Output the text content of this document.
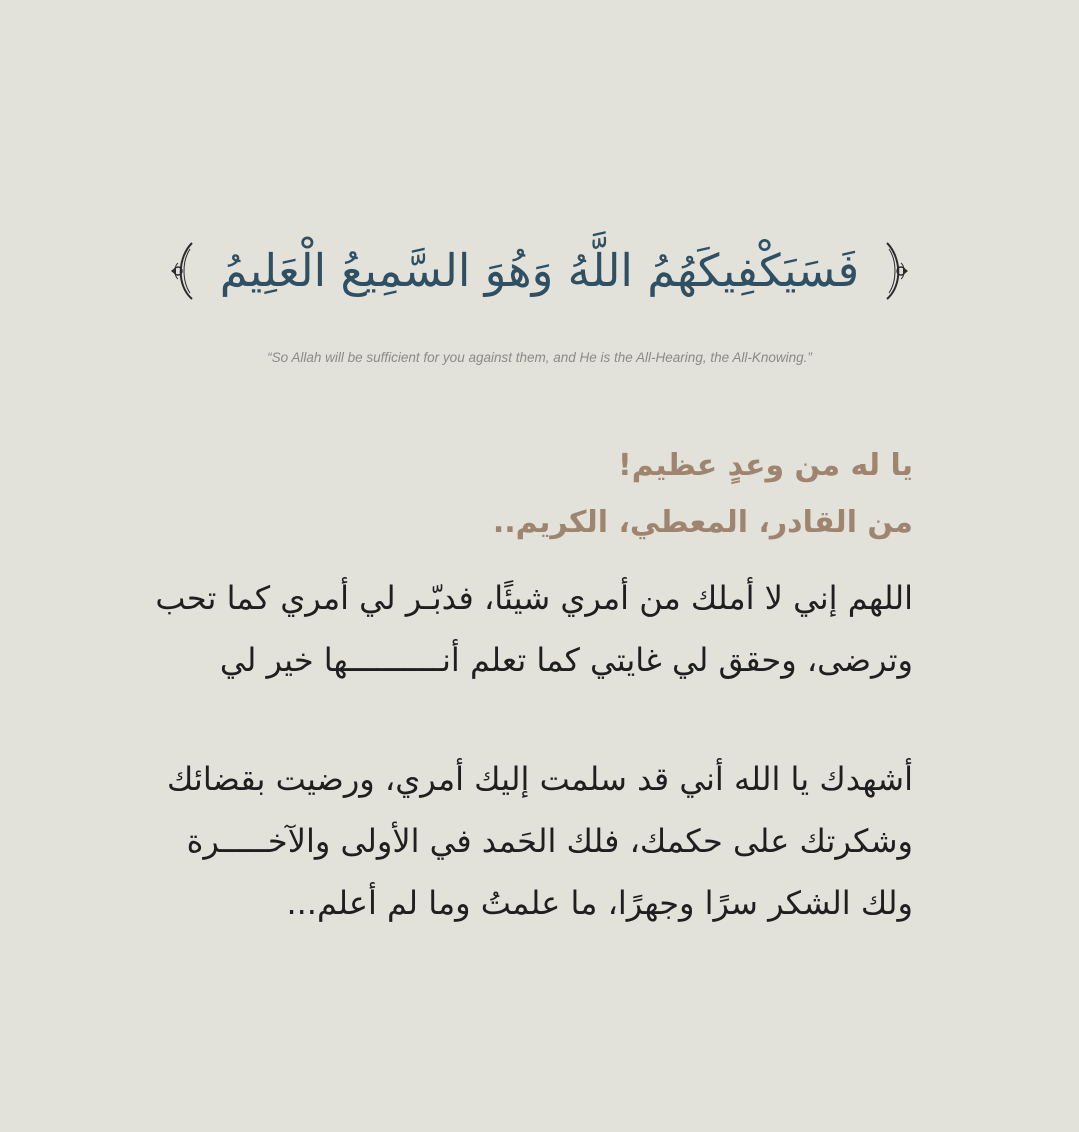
فَسَيَكْفِيكَهُمُ اللَّهُ وَهُوَ السَّمِيعُ الْعَلِيمُ
“So Allah will be sufficient for you against them, and He is the All-Hearing, the All-Knowing.”
يا له من وعدٍ عظيم!
من القادر، المعطي، الكريم..
اللهم إني لا أملك من أمري شيئًا، فدبّـر لي أمري كما تحب
وترضى، وحقق لي غايتي كما تعلم أنــــــــــها خير لي
أشهدك يا الله أني قد سلمت إليك أمري، ورضيت بقضائك
وشكرتك على حكمك، فلك الحَمد في الأولى والآخـــــرة
ولك الشكر سرًا وجهرًا، ما علمتُ وما لم أعلم...
